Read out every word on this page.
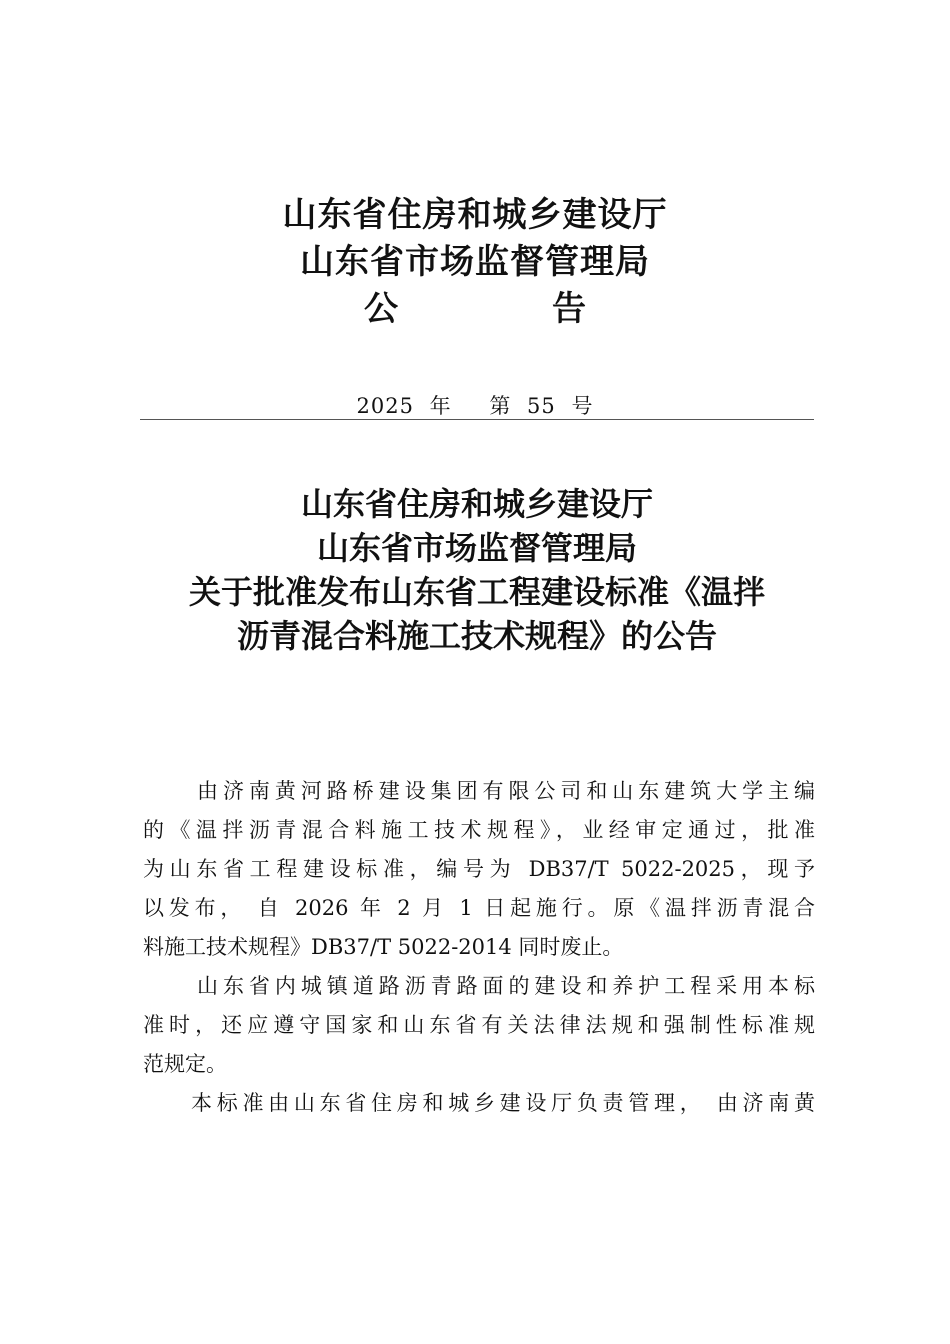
山东省住房和城乡建设厅
山东省市场监督管理局
公　告
2025 年 第 55 号
山东省住房和城乡建设厅
山东省市场监督管理局
关于批准发布山东省工程建设标准《温拌
沥青混合料施工技术规程》的公告
由济南黄河路桥建设集团有限公司和山东建筑大学主编
的《温拌沥青混合料施工技术规程》，业经审定通过，批准
为山东省工程建设标准，编号为 DB37/T 5022-2025，现予
以发布， 自 2026 年 2 月 1 日起施行。原《温拌沥青混合
料施工技术规程》DB37/T 5022-2014 同时废止。
山东省内城镇道路沥青路面的建设和养护工程采用本标
准时，还应遵守国家和山东省有关法律法规和强制性标准规
范规定。
本标准由山东省住房和城乡建设厅负责管理， 由济南黄
